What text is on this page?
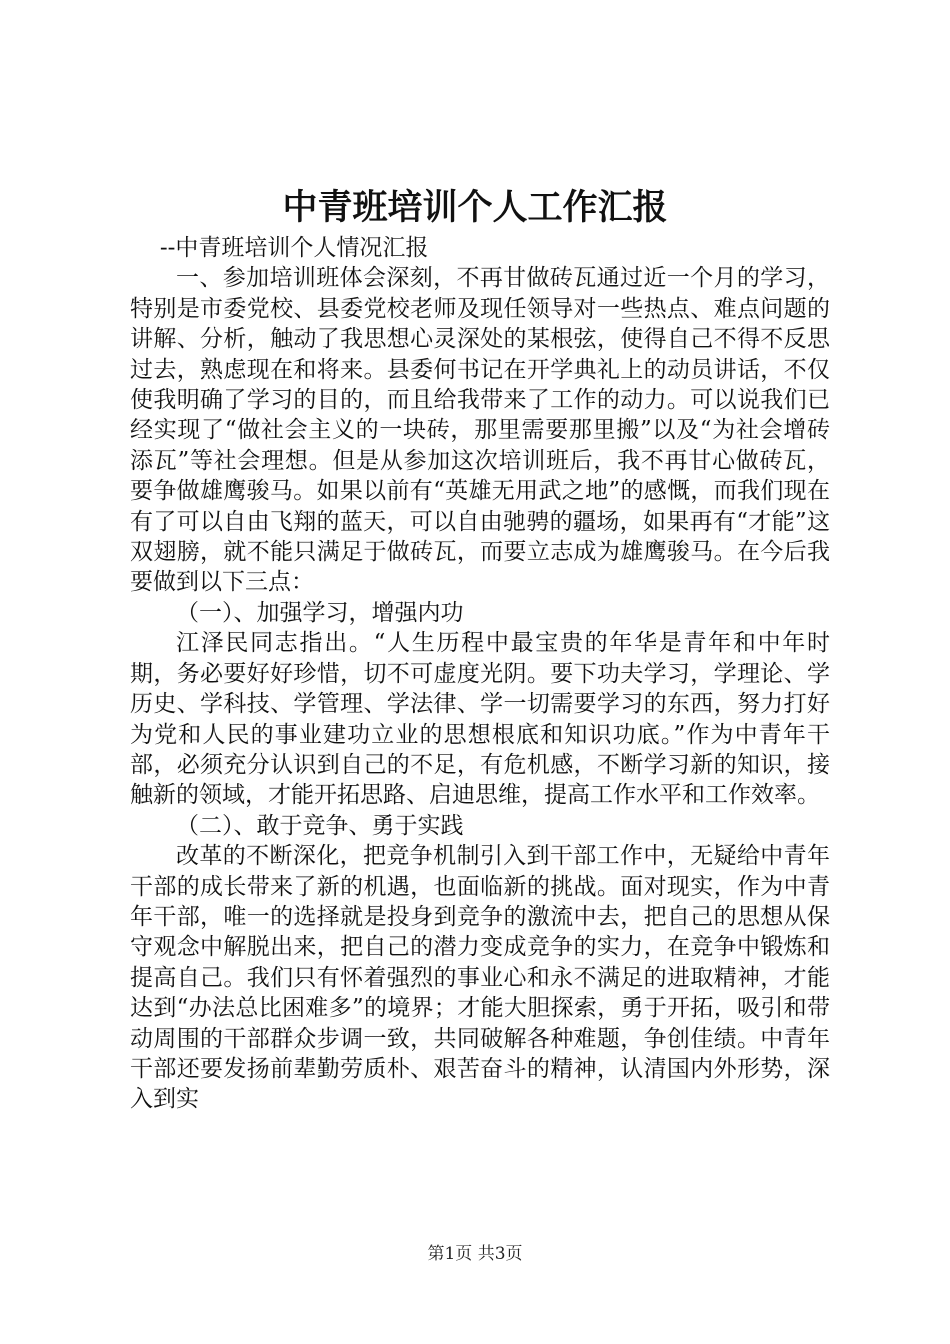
中青班培训个人工作汇报

--中青班培训个人情况汇报

一、参加培训班体会深刻，不再甘做砖瓦通过近一个月的学习，特别是市委党校、县委党校老师及现任领导对一些热点、难点问题的讲解、分析，触动了我思想心灵深处的某根弦，使得自己不得不反思过去，熟虑现在和将来。县委何书记在开学典礼上的动员讲话，不仅使我明确了学习的目的，而且给我带来了工作的动力。可以说我们已经实现了“做社会主义的一块砖，那里需要那里搬”以及“为社会增砖添瓦”等社会理想。但是从参加这次培训班后，我不再甘心做砖瓦，要争做雄鹰骏马。如果以前有“英雄无用武之地”的感慨，而我们现在有了可以自由飞翔的蓝天，可以自由驰骋的疆场，如果再有“才能”这双翅膀，就不能只满足于做砖瓦，而要立志成为雄鹰骏马。在今后我要做到以下三点：

（一）、加强学习，增强内功

江泽民同志指出。“人生历程中最宝贵的年华是青年和中年时期，务必要好好珍惜，切不可虚度光阴。要下功夫学习，学理论、学历史、学科技、学管理、学法律、学一切需要学习的东西，努力打好为党和人民的事业建功立业的思想根底和知识功底。”作为中青年干部，必须充分认识到自己的不足，有危机感，不断学习新的知识，接触新的领域，才能开拓思路、启迪思维，提高工作水平和工作效率。

（二）、敢于竞争、勇于实践

改革的不断深化，把竞争机制引入到干部工作中，无疑给中青年干部的成长带来了新的机遇，也面临新的挑战。面对现实，作为中青年干部，唯一的选择就是投身到竞争的激流中去，把自己的思想从保守观念中解脱出来，把自己的潜力变成竞争的实力，在竞争中锻炼和提高自己。我们只有怀着强烈的事业心和永不满足的进取精神，才能达到“办法总比困难多”的境界；才能大胆探索，勇于开拓，吸引和带动周围的干部群众步调一致，共同破解各种难题，争创佳绩。中青年干部还要发扬前辈勤劳质朴、艰苦奋斗的精神，认清国内外形势，深入到实

第1页 共3页
